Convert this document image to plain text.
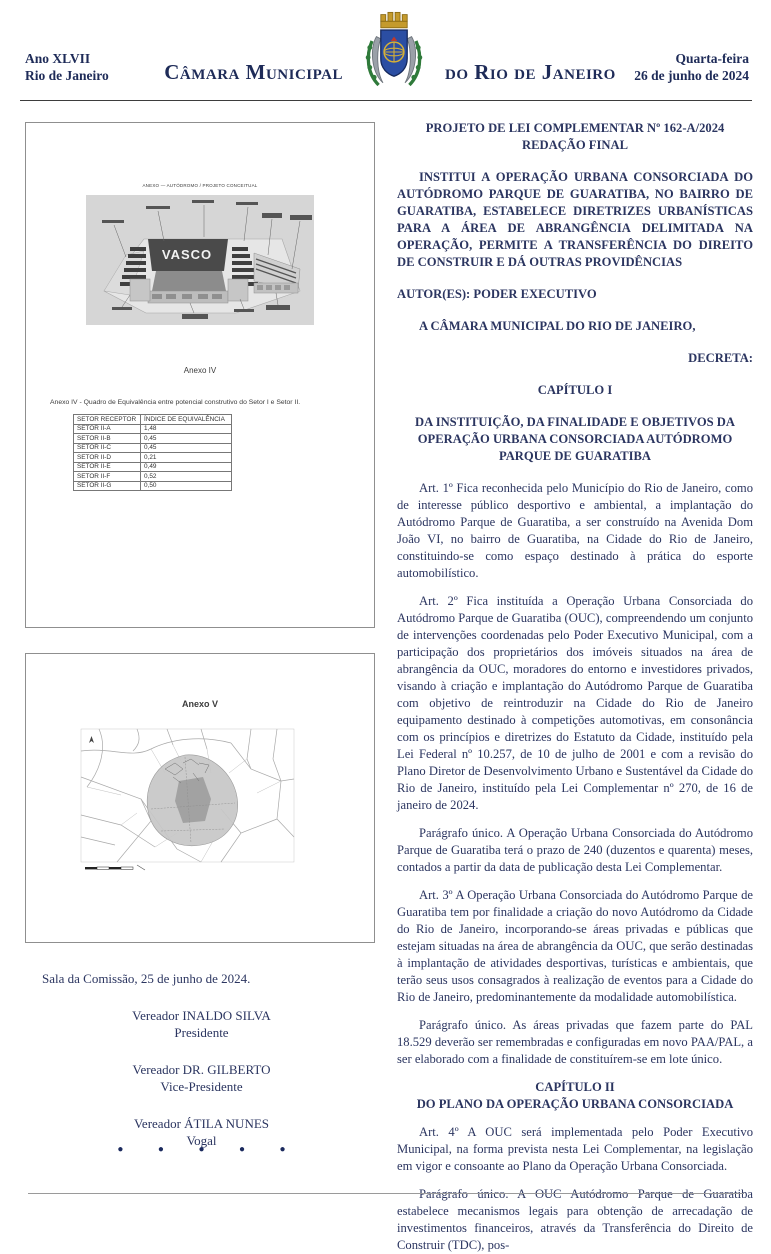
Ano XLVII
Rio de Janeiro	Câmara Municipal	do Rio de Janeiro
Quarta-feira
26 de junho de 2024
ANEXO — AUTÓDROMO / PROJETO CONCEITUAL
VASCO
Anexo IV
Anexo IV - Quadro de Equivalência entre potencial construtivo do Setor I e Setor II.
SETOR RECEPTOR	ÍNDICE DE EQUIVALÊNCIA
SETOR II-A	1,48
SETOR II-B	0,45
SETOR II-C	0,45
SETOR II-D	0,21
SETOR II-E	0,49
SETOR II-F	0,52
SETOR II-G	0,50
Anexo V
Sala da Comissão, 25 de junho de 2024.
Vereador INALDO SILVA
Presidente
Vereador DR. GILBERTO
Vice-Presidente
Vereador ÁTILA NUNES
Vogal
● ● ● ● ●

PROJETO DE LEI COMPLEMENTAR Nº 162-A/2024

REDAÇÃO FINAL

INSTITUI A OPERAÇÃO URBANA CONSORCIADA DO AUTÓDROMO PARQUE DE GUARATIBA, NO BAIRRO DE GUARATIBA, ESTABELECE DIRETRIZES URBANÍSTICAS PARA A ÁREA DE ABRANGÊNCIA DELIMITADA NA OPERAÇÃO, PERMITE A TRANSFERÊNCIA DO DIREITO DE CONSTRUIR E DÁ OUTRAS PROVIDÊNCIAS

AUTOR(ES): PODER EXECUTIVO

A CÂMARA MUNICIPAL DO RIO DE JANEIRO,

DECRETA:

CAPÍTULO I

DA INSTITUIÇÃO, DA FINALIDADE E OBJETIVOS DA OPERAÇÃO URBANA CONSORCIADA AUTÓDROMO PARQUE DE GUARATIBA

Art. 1º Fica reconhecida pelo Município do Rio de Janeiro, como de interesse público desportivo e ambiental, a implantação do Autódromo Parque de Guaratiba, a ser construído na Avenida Dom João VI, no bairro de Guaratiba, na Cidade do Rio de Janeiro, constituindo-se como espaço destinado à prática do esporte automobilístico.

Art. 2º Fica instituída a Operação Urbana Consorciada do Autódromo Parque de Guaratiba (OUC), compreendendo um conjunto de intervenções coordenadas pelo Poder Executivo Municipal, com a participação dos proprietários dos imóveis situados na área de abrangência da OUC, moradores do entorno e investidores privados, visando à criação e implantação do Autódromo Parque de Guaratiba com objetivo de reintroduzir na Cidade do Rio de Janeiro equipamento destinado à competições automotivas, em consonância com os princípios e diretrizes do Estatuto da Cidade, instituído pela Lei Federal nº 10.257, de 10 de julho de 2001 e com a revisão do Plano Diretor de Desenvolvimento Urbano e Sustentável da Cidade do Rio de Janeiro, instituído pela Lei Complementar nº 270, de 16 de janeiro de 2024.

Parágrafo único. A Operação Urbana Consorciada do Autódromo Parque de Guaratiba terá o prazo de 240 (duzentos e quarenta) meses, contados a partir da data de publicação desta Lei Complementar.

Art. 3º A Operação Urbana Consorciada do Autódromo Parque de Guaratiba tem por finalidade a criação do novo Autódromo da Cidade do Rio de Janeiro, incorporando-se áreas privadas e públicas que estejam situadas na área de abrangência da OUC, que serão destinadas à implantação de atividades desportivas, turísticas e ambientais, que terão seus usos consagrados à realização de eventos para a Cidade do Rio de Janeiro, predominantemente da modalidade automobilística.

Parágrafo único. As áreas privadas que fazem parte do PAL 18.529 deverão ser remembradas e configuradas em novo PAA/PAL, a ser elaborado com a finalidade de constituírem-se em lote único.

CAPÍTULO II

DO PLANO DA OPERAÇÃO URBANA CONSORCIADA

Art. 4º A OUC será implementada pelo Poder Executivo Municipal, na forma prevista nesta Lei Complementar, na legislação em vigor e consoante ao Plano da Operação Urbana Consorciada.

Parágrafo único. A OUC Autódromo Parque de Guaratiba estabelece mecanismos legais para obtenção de arrecadação de investimentos financeiros, através da Transferência do Direito de Construir (TDC), pos-
